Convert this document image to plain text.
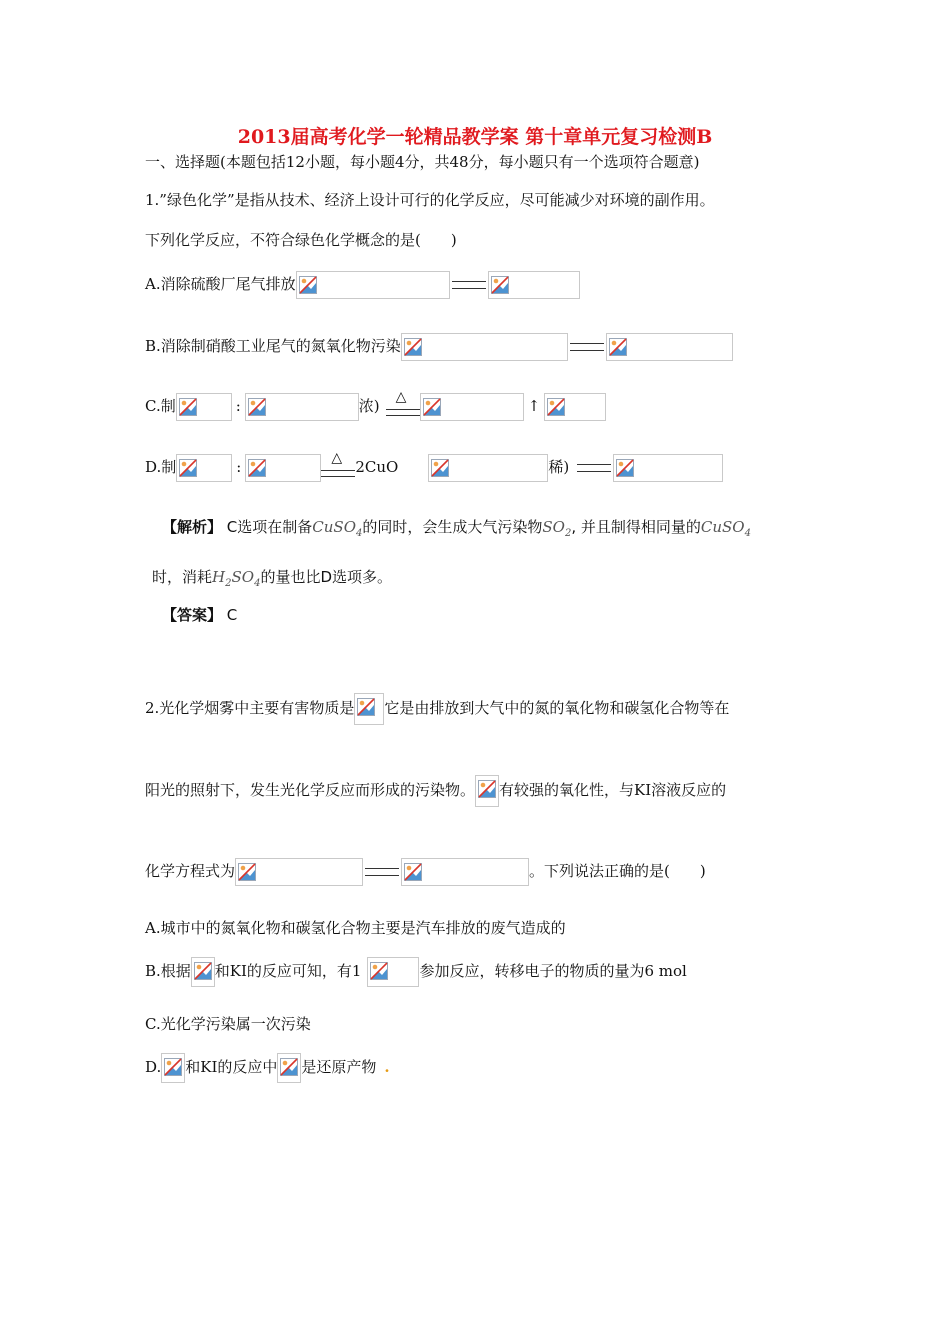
2013届高考化学一轮精品教学案 第十章单元复习检测B
一、选择题(本题包括12小题，每小题4分，共48分，每小题只有一个选项符合题意)
1.”绿色化学”是指从技术、经济上设计可行的化学反应，尽可能减少对环境的副作用。
下列化学反应，不符合绿色化学概念的是(　　)
A.消除硫酸厂尾气排放
B.消除制硝酸工业尾气的氮氧化物污染
C.制	:	浓) △	↑
D.制	:	△ 2CuO	稀)
【解析】 C选项在制备CuSO$_4$的同时，会生成大气污染物$SO_2$, 并且制得相同量的CuSO$_4$
时，消耗$H_2SO_4$的量也比D选项多。
【答案】 C
2.光化学烟雾中主要有害物质是 它是由排放到大气中的氮的氧化物和碳氢化合物等在
阳光的照射下，发生光化学反应而形成的污染物。 有较强的氧化性，与KI溶液反应的
化学方程式为	。下列说法正确的是(　　)
A.城市中的氮氧化物和碳氢化合物主要是汽车排放的废气造成的
B.根据 和KI的反应可知，有1	参加反应，转移电子的物质的量为6 mol
C.光化学污染属一次污染
D. 和KI的反应中 是还原产物 .
